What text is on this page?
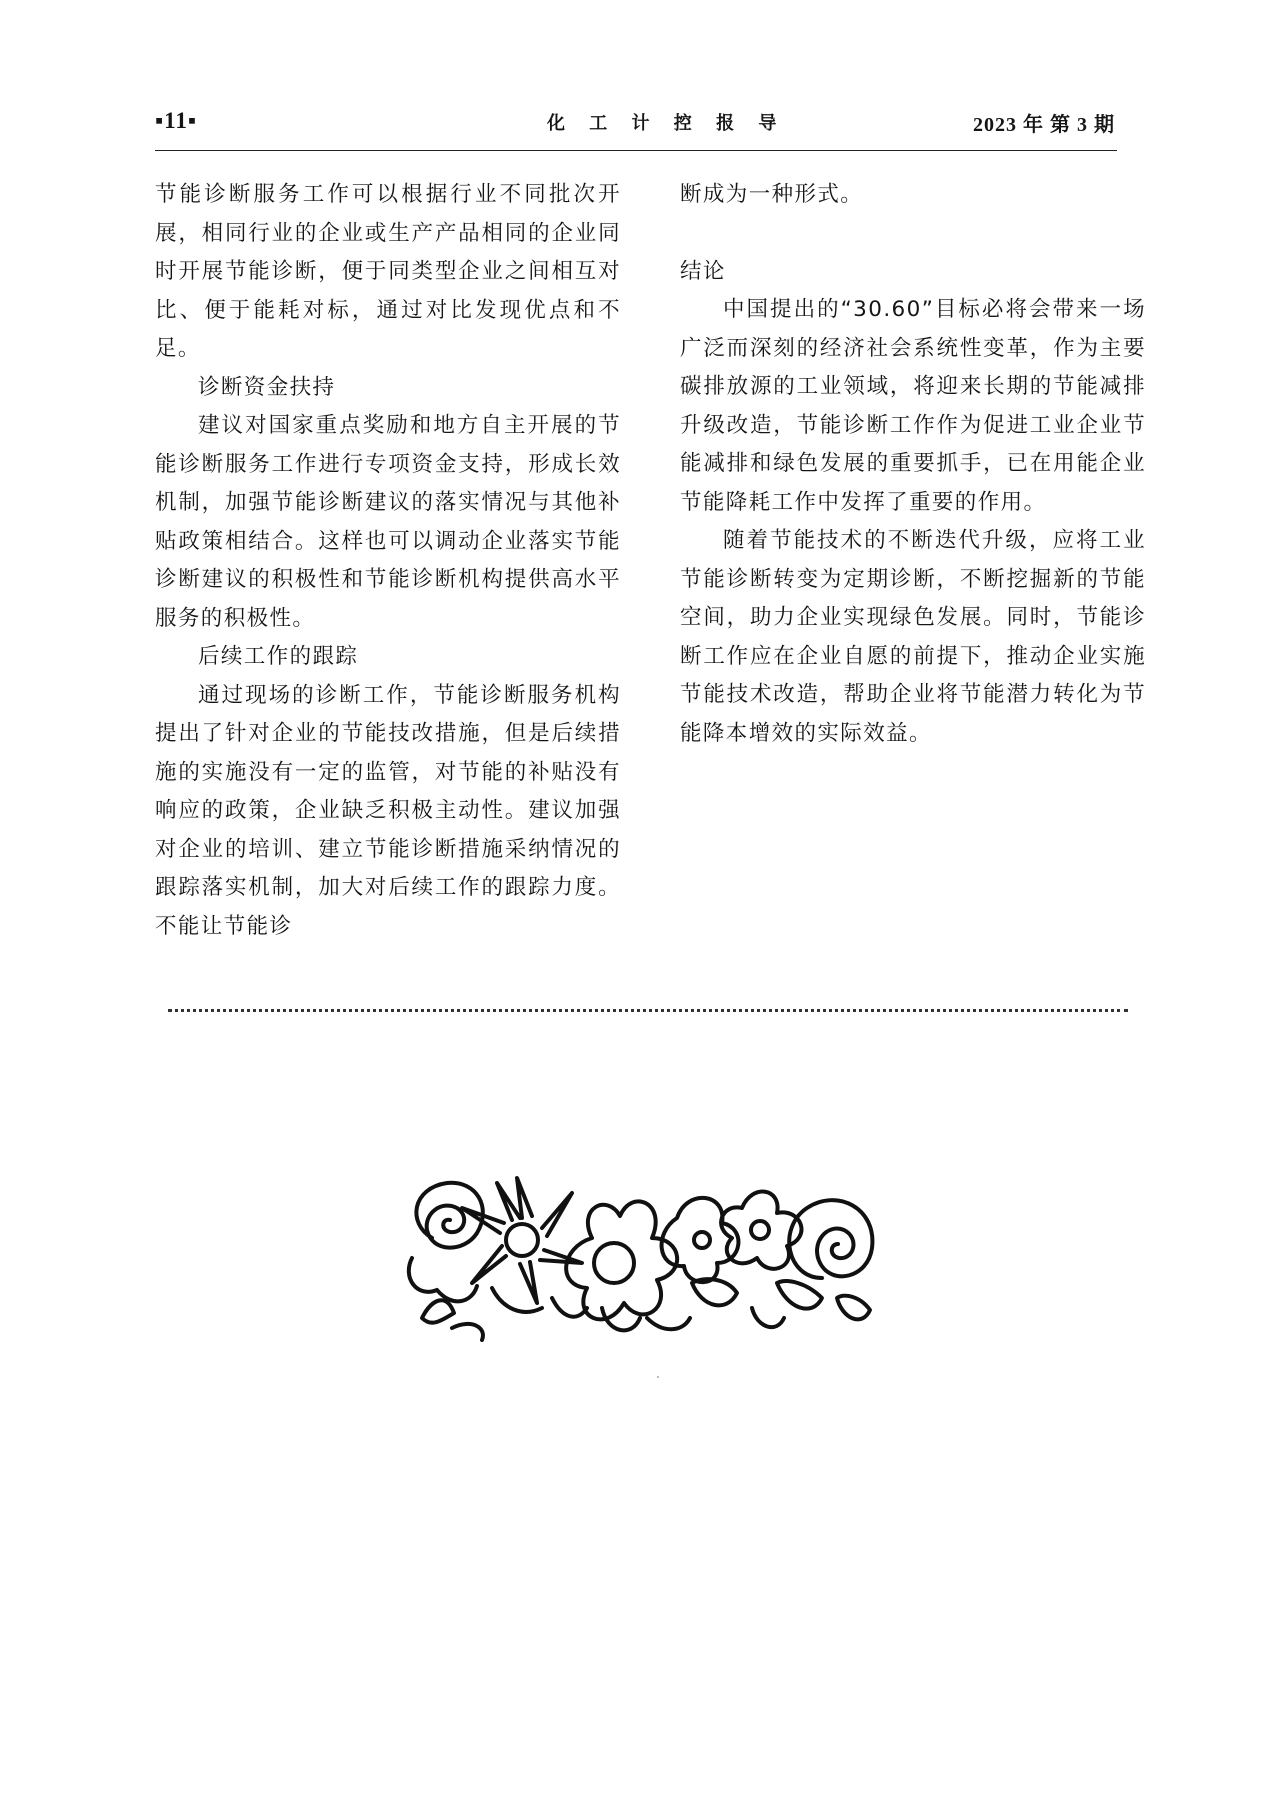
▪11▪	化 工 计 控 报 导	2023 年 第 3 期

节能诊断服务工作可以根据行业不同批次开展，相同行业的企业或生产产品相同的企业同时开展节能诊断，便于同类型企业之间相互对比、便于能耗对标，通过对比发现优点和不足。

诊断资金扶持

建议对国家重点奖励和地方自主开展的节能诊断服务工作进行专项资金支持，形成长效机制，加强节能诊断建议的落实情况与其他补贴政策相结合。这样也可以调动企业落实节能诊断建议的积极性和节能诊断机构提供高水平服务的积极性。

后续工作的跟踪

通过现场的诊断工作，节能诊断服务机构提出了针对企业的节能技改措施，但是后续措施的实施没有一定的监管，对节能的补贴没有响应的政策，企业缺乏积极主动性。建议加强对企业的培训、建立节能诊断措施采纳情况的跟踪落实机制，加大对后续工作的跟踪力度。不能让节能诊

断成为一种形式。

结论

中国提出的“30.60”目标必将会带来一场广泛而深刻的经济社会系统性变革，作为主要碳排放源的工业领域，将迎来长期的节能减排升级改造，节能诊断工作作为促进工业企业节能减排和绿色发展的重要抓手，已在用能企业节能降耗工作中发挥了重要的作用。

随着节能技术的不断迭代升级，应将工业节能诊断转变为定期诊断，不断挖掘新的节能空间，助力企业实现绿色发展。同时，节能诊断工作应在企业自愿的前提下，推动企业实施节能技术改造，帮助企业将节能潜力转化为节能降本增效的实际效益。
